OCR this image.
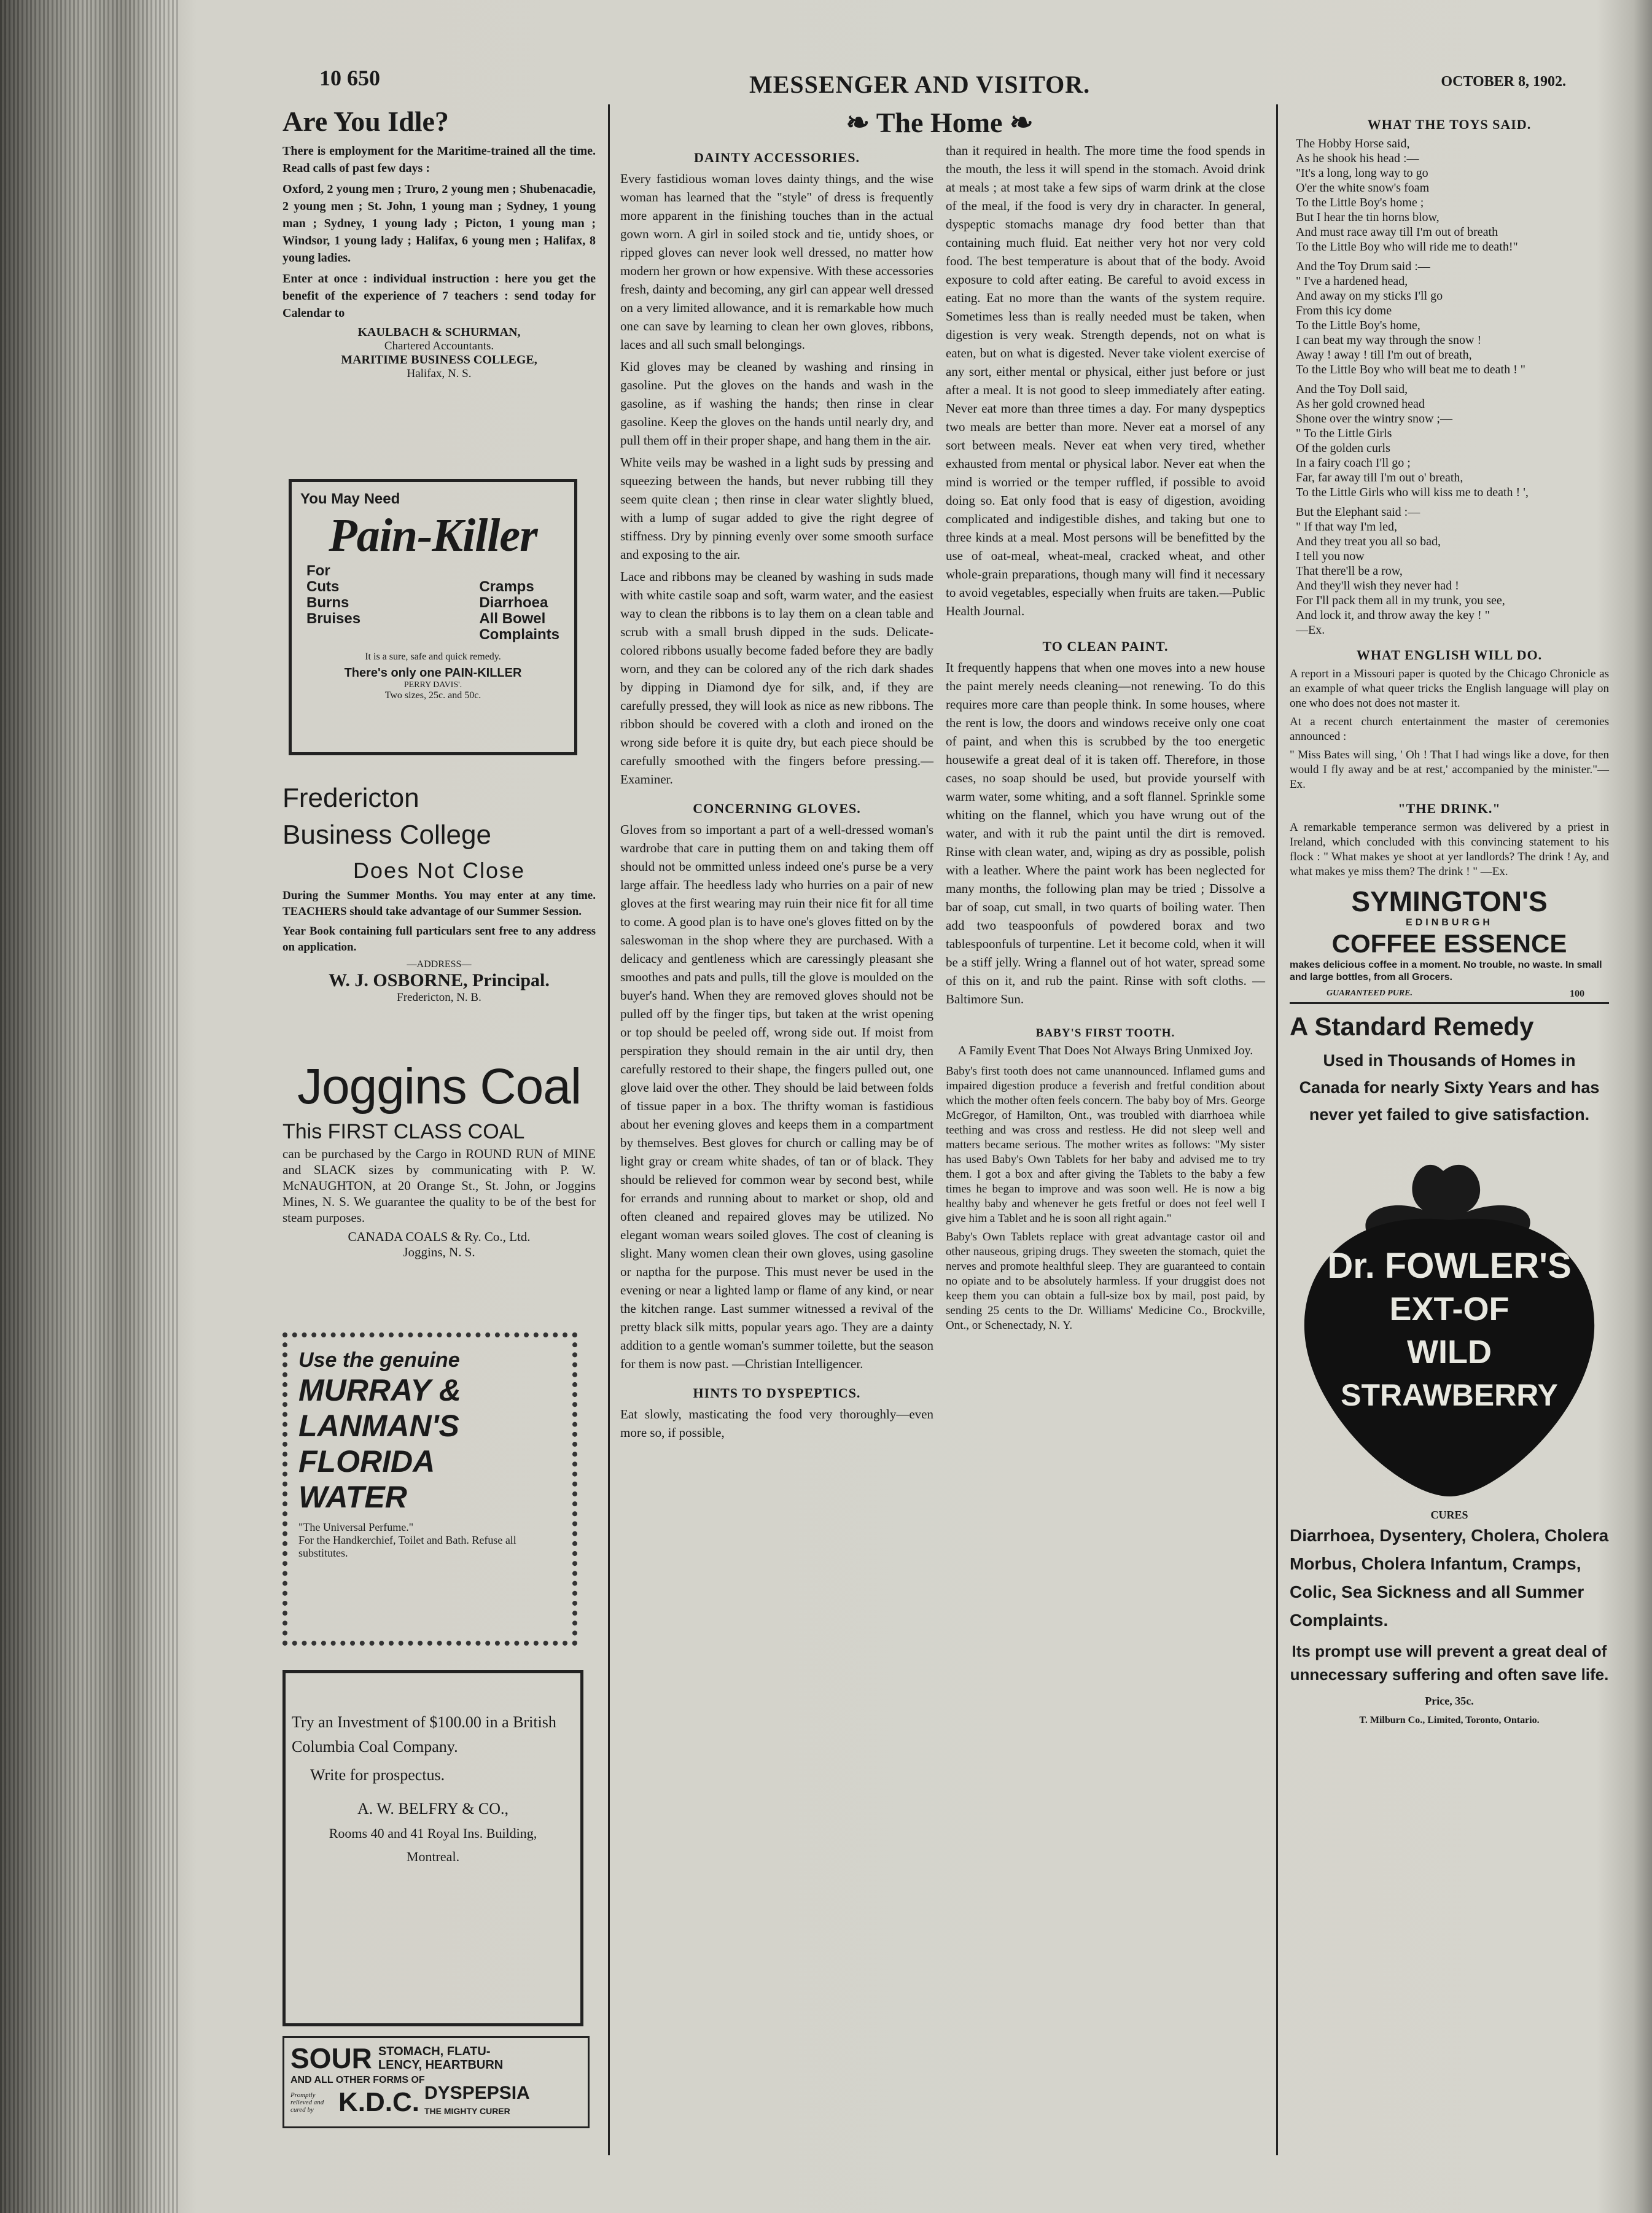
10 650	MESSENGER AND VISITOR.	OCTOBER 8, 1902.
Are You Idle?

There is employment for the Maritime-trained all the time. Read calls of past few days :

Oxford, 2 young men ; Truro, 2 young men ; Shubenacadie, 2 young men ; St. John, 1 young man ; Sydney, 1 young man ; Sydney, 1 young lady ; Picton, 1 young man ; Windsor, 1 young lady ; Halifax, 6 young men ; Halifax, 8 young ladies.

Enter at once : individual instruction : here you get the benefit of the experience of 7 teachers : send today for Calendar to

KAULBACH & SCHURMAN,
Chartered Accountants.
MARITIME BUSINESS COLLEGE,
Halifax, N. S.
You May Need
Pain-Killer
For
Cuts
Burns
Bruises
Cramps
Diarrhoea
All Bowel
Complaints
It is a sure, safe and quick remedy.
There's only one PAIN-KILLER
PERRY DAVIS'.
Two sizes, 25c. and 50c.
Fredericton
Business College
Does Not Close

During the Summer Months. You may enter at any time. TEACHERS should take advantage of our Summer Session.

Year Book containing full particulars sent free to any address on application.

—ADDRESS—
W. J. OSBORNE, Principal.
Fredericton, N. B.
Joggins Coal
This FIRST CLASS COAL

can be purchased by the Cargo in ROUND RUN of MINE and SLACK sizes by communicating with P. W. McNAUGHTON, at 20 Orange St., St. John, or Joggins Mines, N. S. We guarantee the quality to be of the best for steam purposes.

CANADA COALS & Ry. Co., Ltd.
Joggins, N. S.
Use the genuine
MURRAY &
LANMAN'S
FLORIDA
WATER
"The Universal Perfume."
For the Handkerchief, Toilet and Bath. Refuse all substitutes.

Try an Investment of $100.00 in a British Columbia Coal Company.

Write for prospectus.

A. W. BELFRY & CO.,
Rooms 40 and 41 Royal Ins. Building,
Montreal.
SOUR STOMACH, FLATU-
LENCY, HEARTBURN
AND ALL OTHER FORMS OF
Promptly relieved and cured by K.D.C. DYSPEPSIA
THE MIGHTY CURER
❧ The Home ❧
DAINTY ACCESSORIES.

Every fastidious woman loves dainty things, and the wise woman has learned that the "style" of dress is frequently more apparent in the finishing touches than in the actual gown worn. A girl in soiled stock and tie, untidy shoes, or ripped gloves can never look well dressed, no matter how modern her grown or how expensive. With these accessories fresh, dainty and becoming, any girl can appear well dressed on a very limited allowance, and it is remarkable how much one can save by learning to clean her own gloves, ribbons, laces and all such small belongings.

Kid gloves may be cleaned by washing and rinsing in gasoline. Put the gloves on the hands and wash in the gasoline, as if washing the hands; then rinse in clear gasoline. Keep the gloves on the hands until nearly dry, and pull them off in their proper shape, and hang them in the air.

White veils may be washed in a light suds by pressing and squeezing between the hands, but never rubbing till they seem quite clean ; then rinse in clear water slightly blued, with a lump of sugar added to give the right degree of stiffness. Dry by pinning evenly over some smooth surface and exposing to the air.

Lace and ribbons may be cleaned by washing in suds made with white castile soap and soft, warm water, and the easiest way to clean the ribbons is to lay them on a clean table and scrub with a small brush dipped in the suds. Delicate-colored ribbons usually become faded before they are badly worn, and they can be colored any of the rich dark shades by dipping in Diamond dye for silk, and, if they are carefully pressed, they will look as nice as new ribbons. The ribbon should be covered with a cloth and ironed on the wrong side before it is quite dry, but each piece should be carefully smoothed with the fingers before pressing.—Examiner.

CONCERNING GLOVES.

Gloves from so important a part of a well-dressed woman's wardrobe that care in putting them on and taking them off should not be ommitted unless indeed one's purse be a very large affair. The heedless lady who hurries on a pair of new gloves at the first wearing may ruin their nice fit for all time to come. A good plan is to have one's gloves fitted on by the saleswoman in the shop where they are purchased. With a delicacy and gentleness which are caressingly pleasant she smoothes and pats and pulls, till the glove is moulded on the buyer's hand. When they are removed gloves should not be pulled off by the finger tips, but taken at the wrist opening or top should be peeled off, wrong side out. If moist from perspiration they should remain in the air until dry, then carefully restored to their shape, the fingers pulled out, one glove laid over the other. They should be laid between folds of tissue paper in a box. The thrifty woman is fastidious about her evening gloves and keeps them in a compartment by themselves. Best gloves for church or calling may be of light gray or cream white shades, of tan or of black. They should be relieved for common wear by second best, while for errands and running about to market or shop, old and often cleaned and repaired gloves may be utilized. No elegant woman wears soiled gloves. The cost of cleaning is slight. Many women clean their own gloves, using gasoline or naptha for the purpose. This must never be used in the evening or near a lighted lamp or flame of any kind, or near the kitchen range. Last summer witnessed a revival of the pretty black silk mitts, popular years ago. They are a dainty addition to a gentle woman's summer toilette, but the season for them is now past. —Christian Intelligencer.

HINTS TO DYSPEPTICS.

Eat slowly, masticating the food very thoroughly—even more so, if possible,

than it required in health. The more time the food spends in the mouth, the less it will spend in the stomach. Avoid drink at meals ; at most take a few sips of warm drink at the close of the meal, if the food is very dry in character. In general, dyspeptic stomachs manage dry food better than that containing much fluid. Eat neither very hot nor very cold food. The best temperature is about that of the body. Avoid exposure to cold after eating. Be careful to avoid excess in eating. Eat no more than the wants of the system require. Sometimes less than is really needed must be taken, when digestion is very weak. Strength depends, not on what is eaten, but on what is digested. Never take violent exercise of any sort, either mental or physical, either just before or just after a meal. It is not good to sleep immediately after eating. Never eat more than three times a day. For many dyspeptics two meals are better than more. Never eat a morsel of any sort between meals. Never eat when very tired, whether exhausted from mental or physical labor. Never eat when the mind is worried or the temper ruffled, if possible to avoid doing so. Eat only food that is easy of digestion, avoiding complicated and indigestible dishes, and taking but one to three kinds at a meal. Most persons will be benefitted by the use of oat-meal, wheat-meal, cracked wheat, and other whole-grain preparations, though many will find it necessary to avoid vegetables, especially when fruits are taken.—Public Health Journal.

TO CLEAN PAINT.

It frequently happens that when one moves into a new house the paint merely needs cleaning—not renewing. To do this requires more care than people think. In some houses, where the rent is low, the doors and windows receive only one coat of paint, and when this is scrubbed by the too energetic housewife a great deal of it is taken off. Therefore, in those cases, no soap should be used, but provide yourself with warm water, some whiting, and a soft flannel. Sprinkle some whiting on the flannel, which you have wrung out of the water, and with it rub the paint until the dirt is removed. Rinse with clean water, and, wiping as dry as possible, polish with a leather. Where the paint work has been neglected for many months, the following plan may be tried ; Dissolve a bar of soap, cut small, in two quarts of boiling water. Then add two teaspoonfuls of powdered borax and two tablespoonfuls of turpentine. Let it become cold, when it will be a stiff jelly. Wring a flannel out of hot water, spread some of this on it, and rub the paint. Rinse with soft cloths. —Baltimore Sun.

BABY'S FIRST TOOTH.
A Family Event That Does Not Always Bring Unmixed Joy.

Baby's first tooth does not came unannounced. Inflamed gums and impaired digestion produce a feverish and fretful condition about which the mother often feels concern. The baby boy of Mrs. George McGregor, of Hamilton, Ont., was troubled with diarrhoea while teething and was cross and restless. He did not sleep well and matters became serious. The mother writes as follows: "My sister has used Baby's Own Tablets for her baby and advised me to try them. I got a box and after giving the Tablets to the baby a few times he began to improve and was soon well. He is now a big healthy baby and whenever he gets fretful or does not feel well I give him a Tablet and he is soon all right again."

Baby's Own Tablets replace with great advantage castor oil and other nauseous, griping drugs. They sweeten the stomach, quiet the nerves and promote healthful sleep. They are guaranteed to contain no opiate and to be absolutely harmless. If your druggist does not keep them you can obtain a full-size box by mail, post paid, by sending 25 cents to the Dr. Williams' Medicine Co., Brockville, Ont., or Schenectady, N. Y.

WHAT THE TOYS SAID.
The Hobby Horse said,
As he shook his head :—
"It's a long, long way to go
O'er the white snow's foam
To the Little Boy's home ;
But I hear the tin horns blow,
And must race away till I'm out of breath
To the Little Boy who will ride me to death!"

And the Toy Drum said :—
" I've a hardened head,
And away on my sticks I'll go
From this icy dome
To the Little Boy's home,
I can beat my way through the snow !
Away ! away ! till I'm out of breath,
To the Little Boy who will beat me to death ! "

And the Toy Doll said,
As her gold crowned head
Shone over the wintry snow ;—
" To the Little Girls
Of the golden curls
In a fairy coach I'll go ;
Far, far away till I'm out o' breath,
To the Little Girls who will kiss me to death ! ',

But the Elephant said :—
" If that way I'm led,
And they treat you all so bad,
I tell you now
That there'll be a row,
And they'll wish they never had !
For I'll pack them all in my trunk, you see,
And lock it, and throw away the key ! "
—Ex.
WHAT ENGLISH WILL DO.

A report in a Missouri paper is quoted by the Chicago Chronicle as an example of what queer tricks the English language will play on one who does not does not master it.

At a recent church entertainment the master of ceremonies announced :

" Miss Bates will sing, ' Oh ! That I had wings like a dove, for then would I fly away and be at rest,' accompanied by the minister."—Ex.

"THE DRINK."

A remarkable temperance sermon was delivered by a priest in Ireland, which concluded with this convincing statement to his flock : " What makes ye shoot at yer landlords? The drink ! Ay, and what makes ye miss them? The drink ! " —Ex.

SYMINGTON'S
EDINBURGH
COFFEE ESSENCE
makes delicious coffee in a moment. No trouble, no waste. In small and large bottles, from all Grocers.
GUARANTEED PURE.	100
A Standard Remedy
Used in Thousands of Homes in Canada for nearly Sixty Years and has never yet failed to give satisfaction.
Dr. FOWLER'S
EXT-OF
WILD
STRAWBERRY
CURES
Diarrhoea, Dysentery, Cholera, Cholera Morbus, Cholera Infantum, Cramps, Colic, Sea Sickness and all Summer Complaints.
Its prompt use will prevent a great deal of unnecessary suffering and often save life.
Price, 35c.
T. Milburn Co., Limited, Toronto, Ontario.
